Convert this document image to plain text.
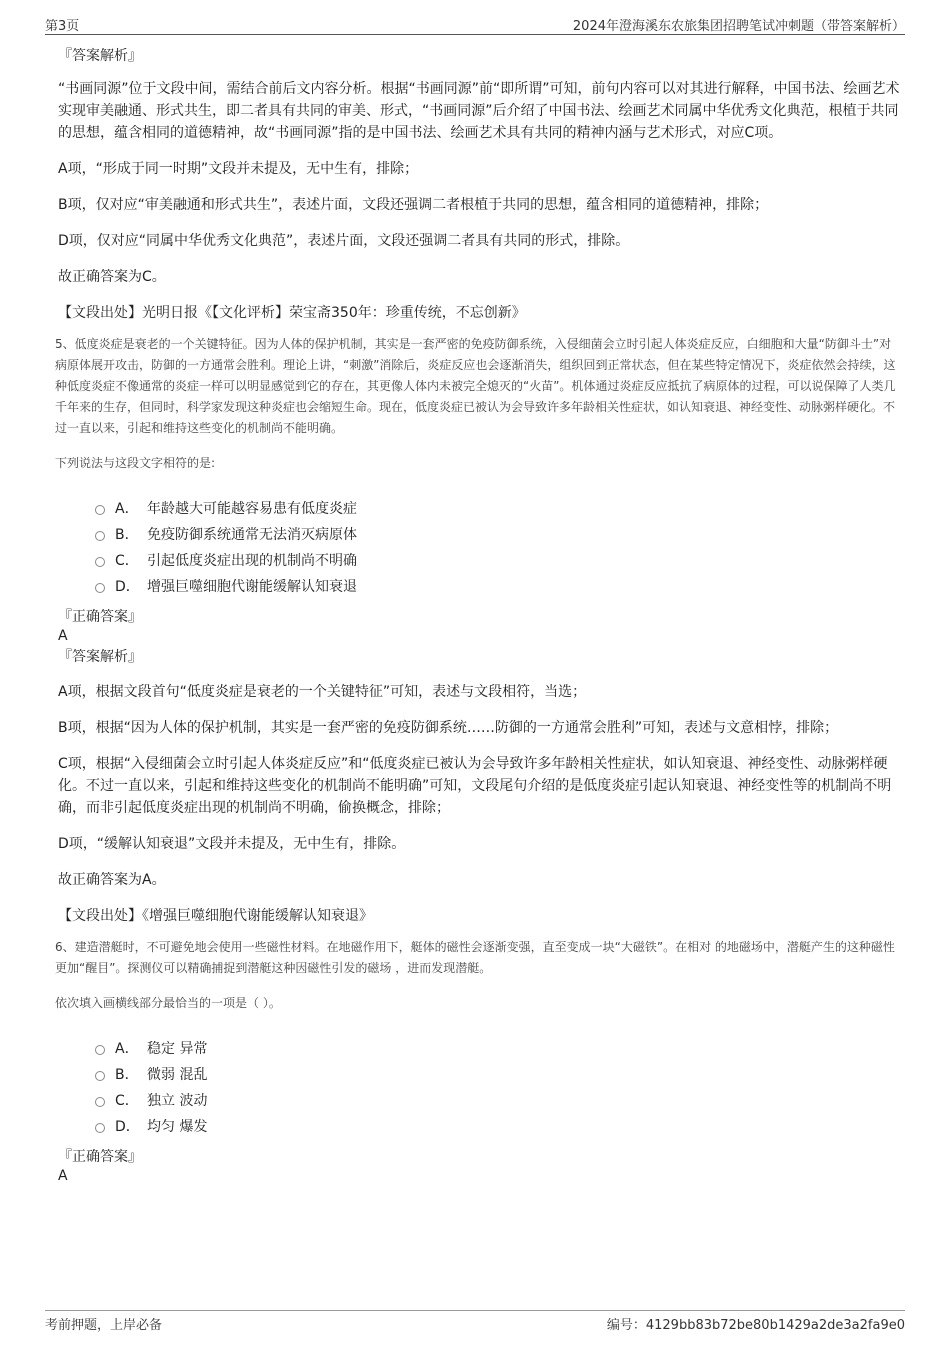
第3页	2024年澄海溪东农旅集团招聘笔试冲刺题（带答案解析）
『答案解析』

“书画同源”位于文段中间，需结合前后文内容分析。根据“书画同源”前“即所谓”可知，前句内容可以对其进行解释，中国书法、绘画艺术实现审美融通、形式共生，即二者具有共同的审美、形式，“书画同源”后介绍了中国书法、绘画艺术同属中华优秀文化典范，根植于共同的思想，蕴含相同的道德精神，故“书画同源”指的是中国书法、绘画艺术具有共同的精神内涵与艺术形式，对应C项。

A项，“形成于同一时期”文段并未提及，无中生有，排除；

B项，仅对应“审美融通和形式共生”，表述片面，文段还强调二者根植于共同的思想，蕴含相同的道德精神，排除；

D项，仅对应“同属中华优秀文化典范”，表述片面，文段还强调二者具有共同的形式，排除。

故正确答案为C。

【文段出处】光明日报《【文化评析】荣宝斋350年：珍重传统，不忘创新》

5、低度炎症是衰老的一个关键特征。因为人体的保护机制，其实是一套严密的免疫防御系统，入侵细菌会立时引起人体炎症反应，白细胞和大量“防御斗士”对病原体展开攻击，防御的一方通常会胜利。理论上讲，“刺激”消除后，炎症反应也会逐渐消失，组织回到正常状态，但在某些特定情况下，炎症依然会持续，这种低度炎症不像通常的炎症一样可以明显感觉到它的存在，其更像人体内未被完全熄灭的“火苗”。机体通过炎症反应抵抗了病原体的过程，可以说保障了人类几千年来的生存，但同时，科学家发现这种炎症也会缩短生命。现在，低度炎症已被认为会导致许多年龄相关性症状，如认知衰退、神经变性、动脉粥样硬化。不过一直以来，引起和维持这些变化的机制尚不能明确。

下列说法与这段文字相符的是:

A． 年龄越大可能越容易患有低度炎症
B． 免疫防御系统通常无法消灭病原体
C． 引起低度炎症出现的机制尚不明确
D． 增强巨噬细胞代谢能缓解认知衰退
『正确答案』
A
『答案解析』

A项，根据文段首句“低度炎症是衰老的一个关键特征”可知，表述与文段相符，当选；

B项，根据“因为人体的保护机制，其实是一套严密的免疫防御系统……防御的一方通常会胜利”可知，表述与文意相悖，排除；

C项，根据“入侵细菌会立时引起人体炎症反应”和“低度炎症已被认为会导致许多年龄相关性症状，如认知衰退、神经变性、动脉粥样硬化。不过一直以来，引起和维持这些变化的机制尚不能明确”可知，文段尾句介绍的是低度炎症引起认知衰退、神经变性等的机制尚不明确，而非引起低度炎症出现的机制尚不明确，偷换概念，排除；

D项，“缓解认知衰退”文段并未提及，无中生有，排除。

故正确答案为A。

【文段出处】《增强巨噬细胞代谢能缓解认知衰退》

6、建造潜艇时，不可避免地会使用一些磁性材料。在地磁作用下，艇体的磁性会逐渐变强，直至变成一块“大磁铁”。在相对 的地磁场中，潜艇产生的这种磁性更加“醒目”。探测仪可以精确捕捉到潜艇这种因磁性引发的磁场 ，进而发现潜艇。

依次填入画横线部分最恰当的一项是（ ）。

A． 稳定 异常
B． 微弱 混乱
C． 独立 波动
D． 均匀 爆发
『正确答案』
A
考前押题，上岸必备	编号：4129bb83b72be80b1429a2de3a2fa9e0
